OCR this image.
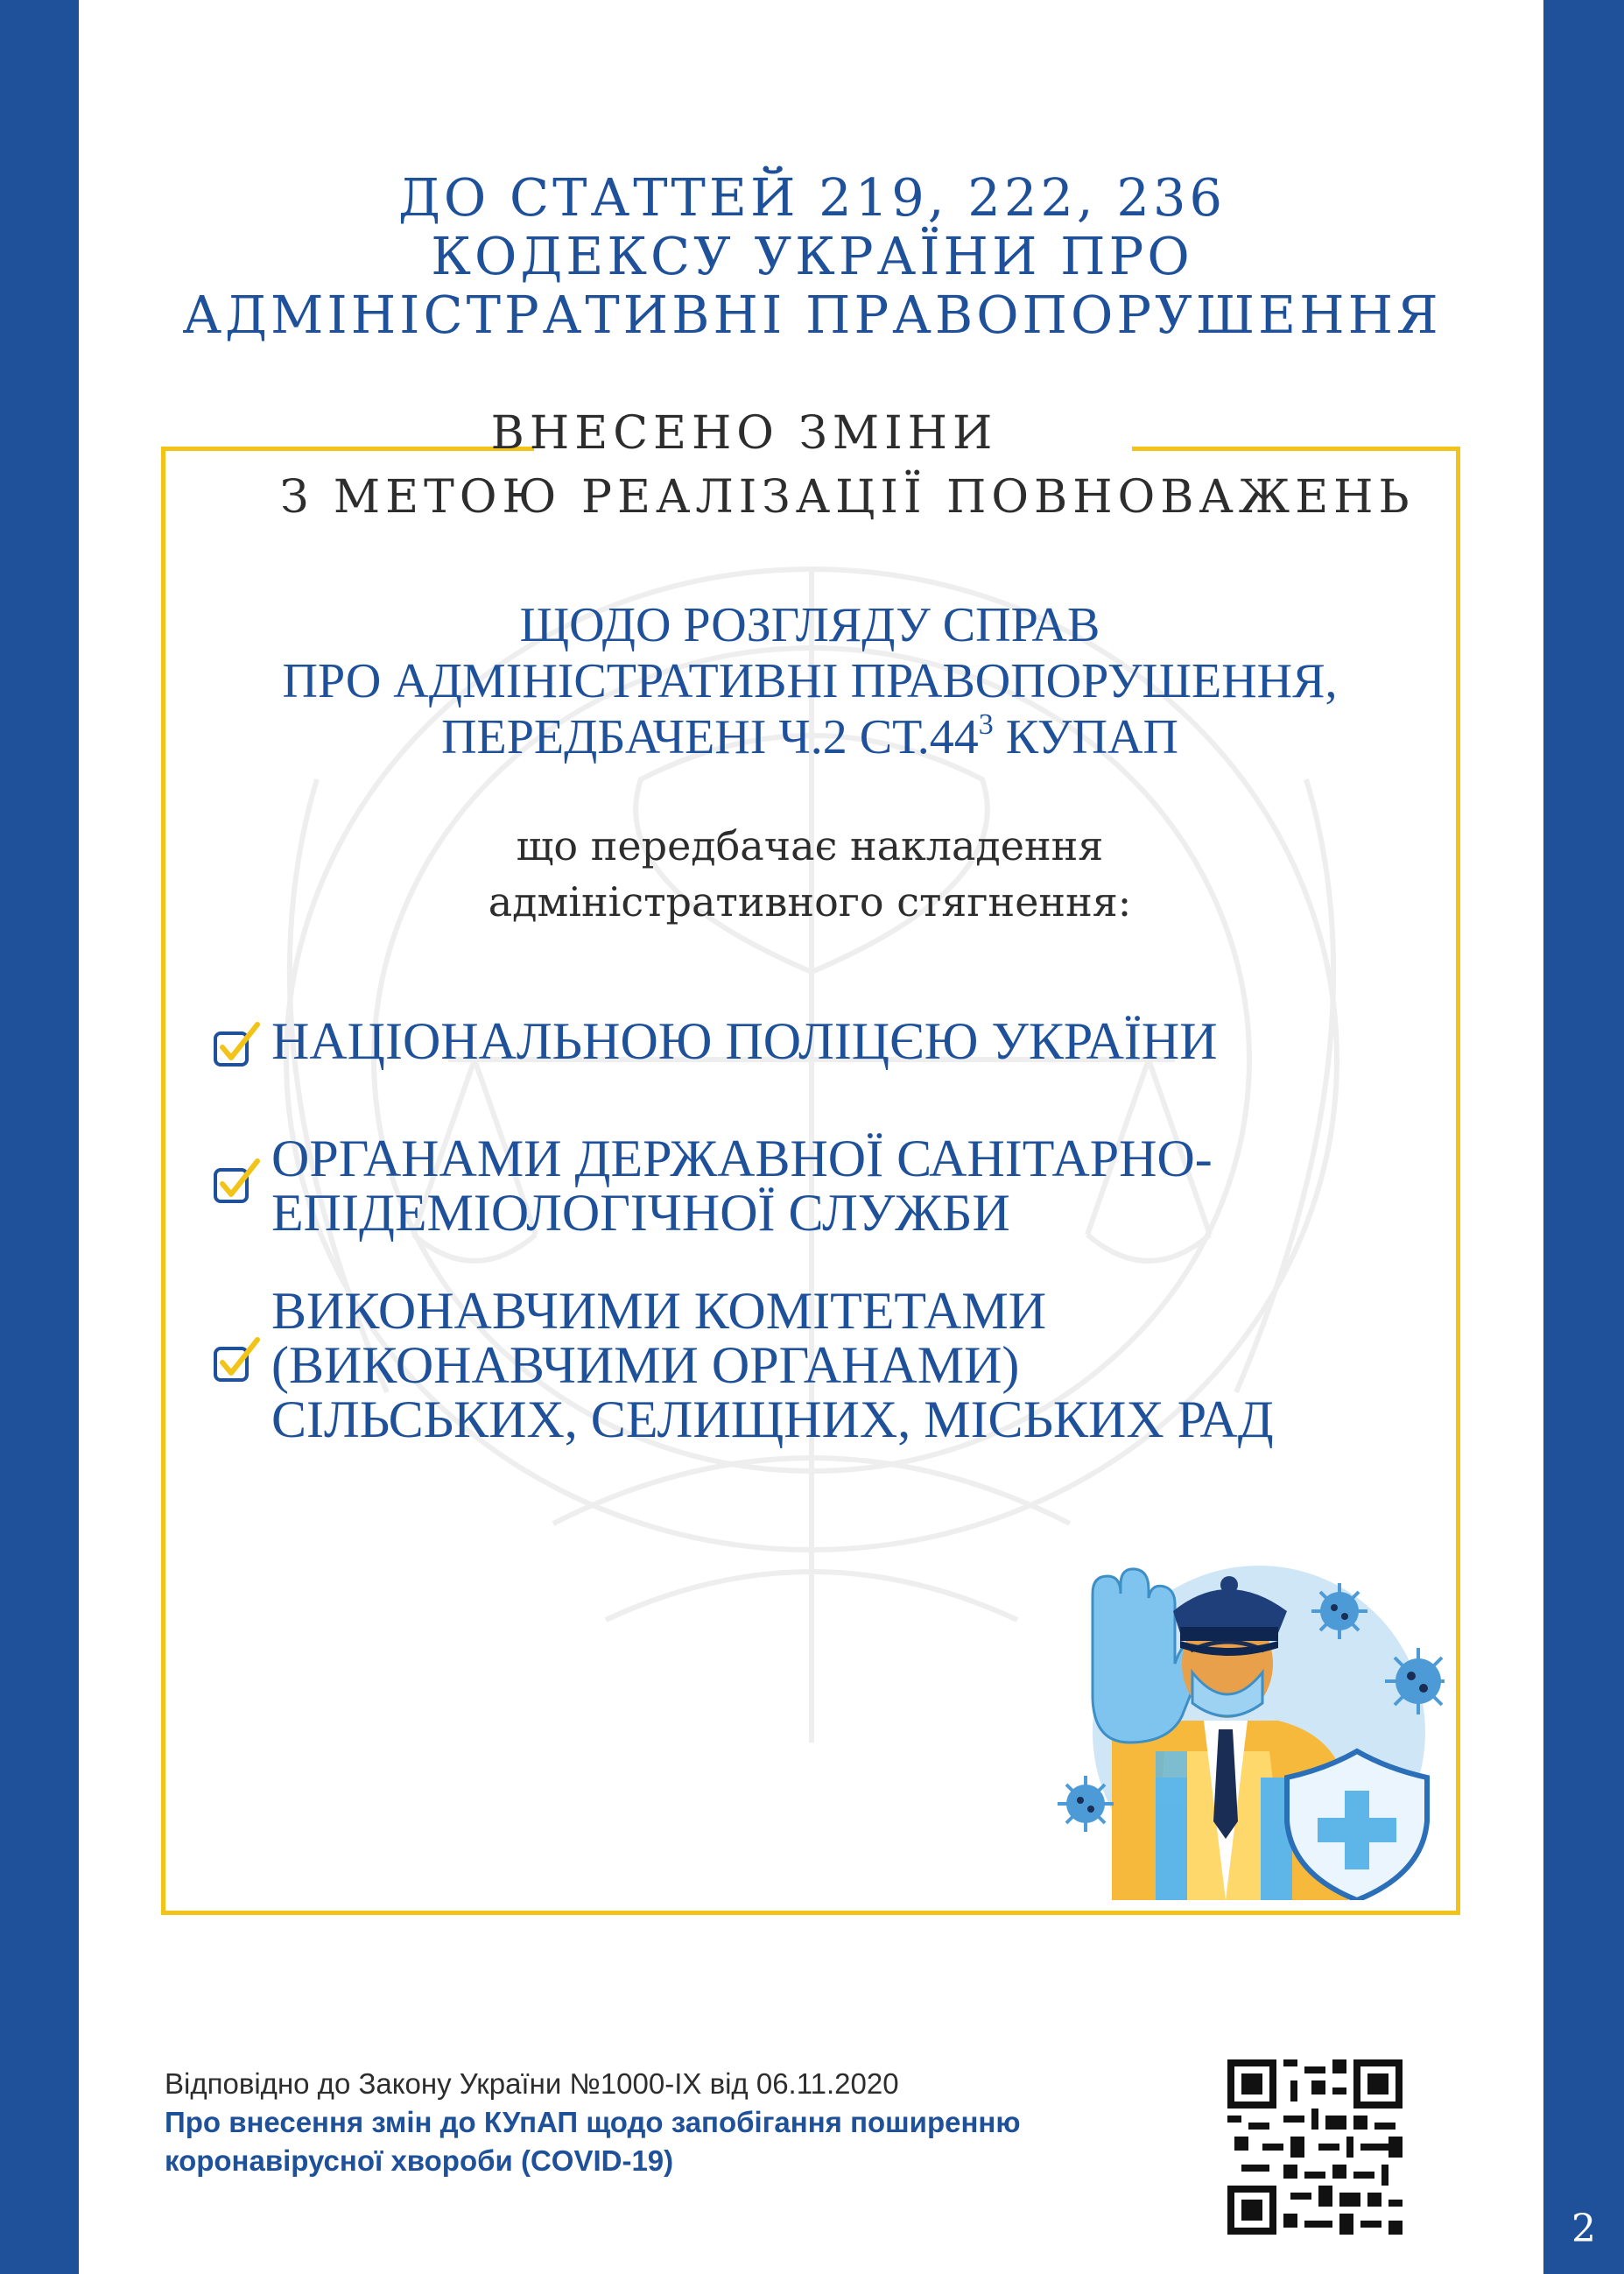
2
ДО СТАТТЕЙ 219, 222, 236
КОДЕКСУ УКРАЇНИ ПРО
АДМІНІСТРАТИВНІ ПРАВОПОРУШЕННЯ
ВНЕСЕНО ЗМІНИ
З МЕТОЮ РЕАЛІЗАЦІЇ ПОВНОВАЖЕНЬ
ЩОДО РОЗГЛЯДУ СПРАВ
ПРО АДМІНІСТРАТИВНІ ПРАВОПОРУШЕННЯ,
ПЕРЕДБАЧЕНІ Ч.2 $СТ.44^3$ КУПАП
що передбачає накладення
адміністративного стягнення:
НАЦІОНАЛЬНОЮ ПОЛІЦЄЮ УКРАЇНИ
ОРГАНАМИ ДЕРЖАВНОЇ САНІТАРНО-
ЕПІДЕМІОЛОГІЧНОЇ СЛУЖБИ
ВИКОНАВЧИМИ КОМІТЕТАМИ
(ВИКОНАВЧИМИ ОРГАНАМИ)
СІЛЬСЬКИХ, СЕЛИЩНИХ, МІСЬКИХ РАД
Відповідно до Закону України №1000-IX від 06.11.2020
Про внесення змін до КУпАП щодо запобігання поширенню
коронавірусної хвороби (COVID-19)
